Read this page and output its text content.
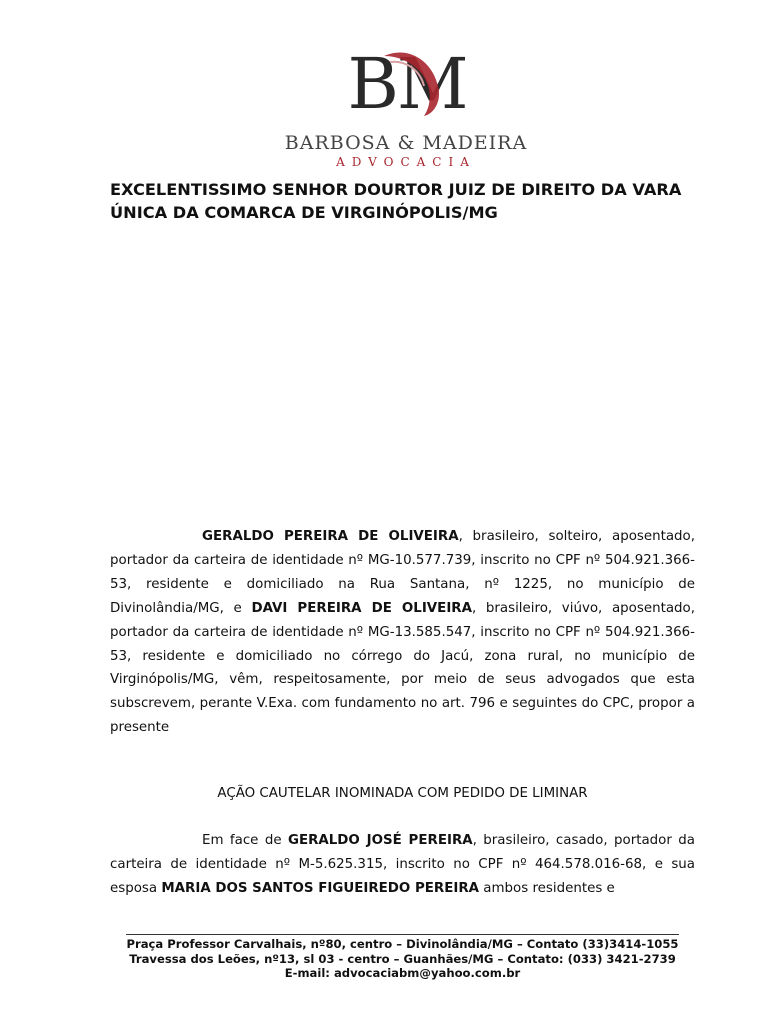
BM
BARBOSA & MADEIRA
ADVOCACIA
EXCELENTISSIMO SENHOR DOURTOR JUIZ DE DIREITO DA VARA ÚNICA DA COMARCA DE VIRGINÓPOLIS/MG

GERALDO PEREIRA DE OLIVEIRA, brasileiro, solteiro, aposentado, portador da carteira de identidade nº MG-10.577.739, inscrito no CPF nº 504.921.366-53, residente e domiciliado na Rua Santana, nº 1225, no município de Divinolândia/MG, e DAVI PEREIRA DE OLIVEIRA, brasileiro, viúvo, aposentado, portador da carteira de identidade nº MG-13.585.547, inscrito no CPF nº 504.921.366-53, residente e domiciliado no córrego do Jacú, zona rural, no município de Virginópolis/MG, vêm, respeitosamente, por meio de seus advogados que esta subscrevem, perante V.Exa. com fundamento no art. 796 e seguintes do CPC, propor a presente

AÇÃO CAUTELAR INOMINADA COM PEDIDO DE LIMINAR

Em face de GERALDO JOSÉ PEREIRA, brasileiro, casado, portador da carteira de identidade nº M-5.625.315, inscrito no CPF nº 464.578.016-68, e sua esposa MARIA DOS SANTOS FIGUEIREDO PEREIRA ambos residentes e

Praça Professor Carvalhais, nº80, centro – Divinolândia/MG – Contato (33)3414-1055
Travessa dos Leões, nº13, sl 03 - centro – Guanhães/MG – Contato: (033) 3421-2739
E-mail: advocaciabm@yahoo.com.br
